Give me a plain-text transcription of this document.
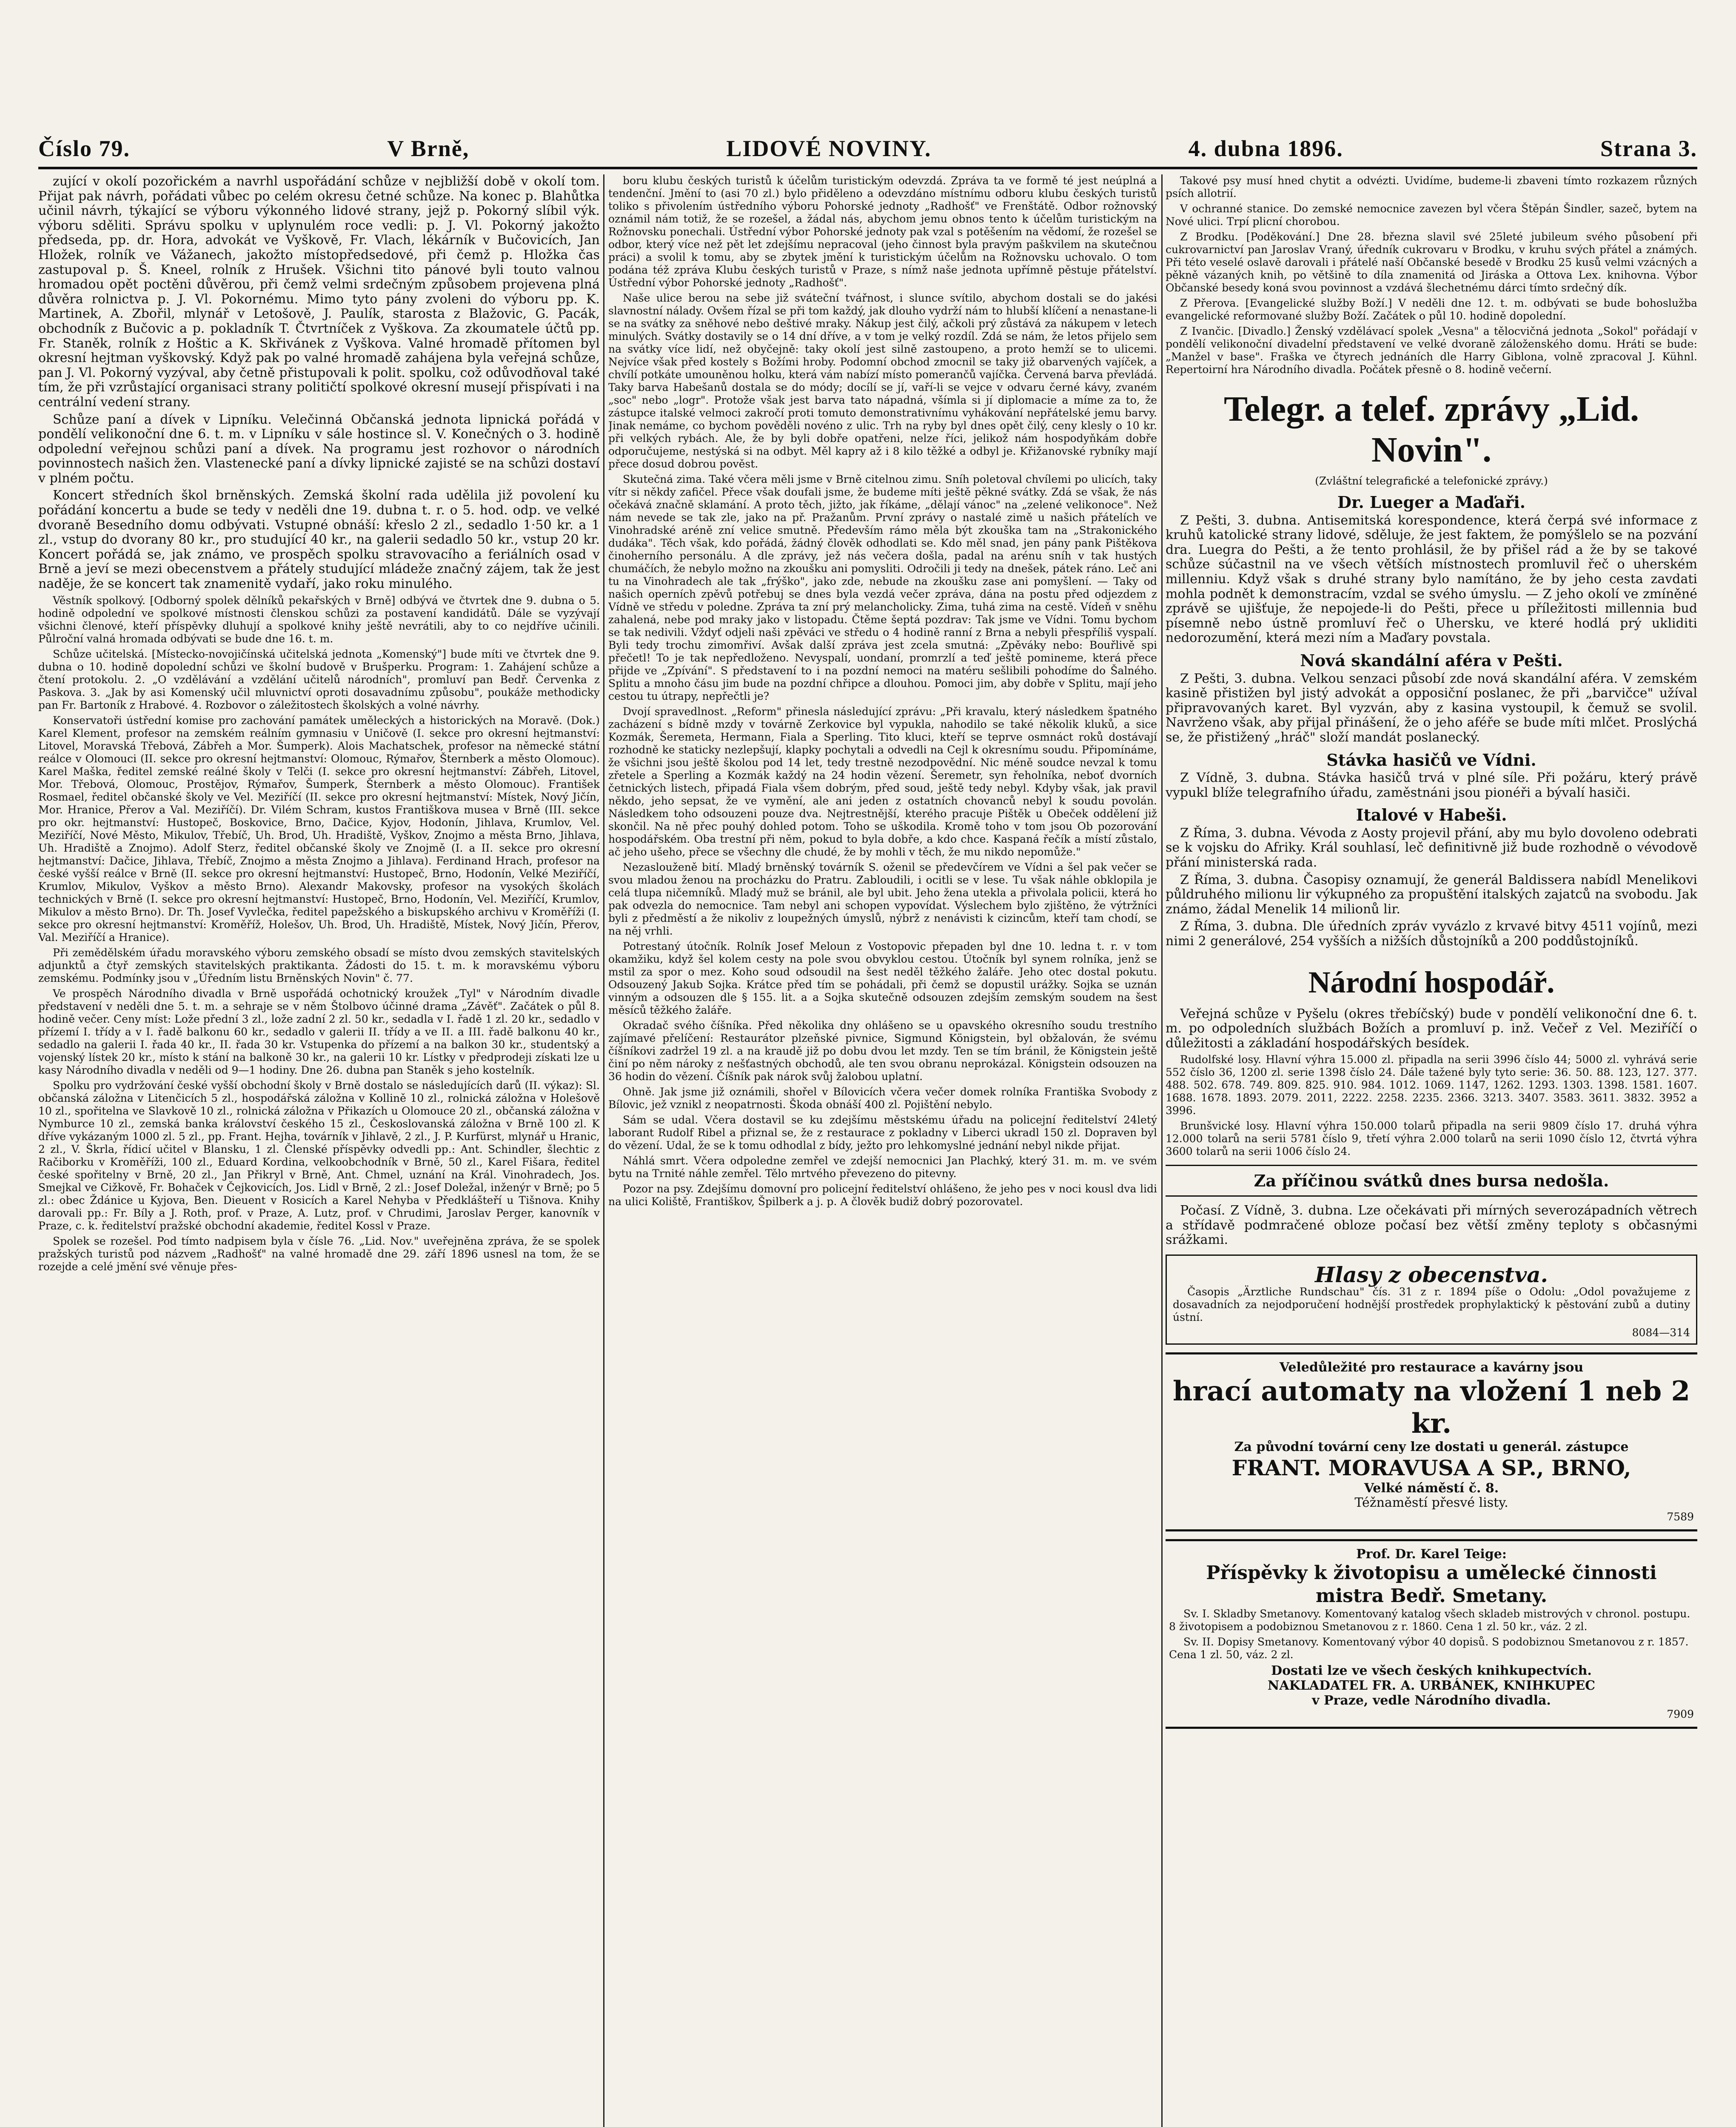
Číslo 79.	V Brně,	LIDOVÉ NOVINY.	4. dubna 1896.	Strana 3.

zující v okolí pozořickém a navrhl uspořádání schůze v nejbližší době v okolí tom. Přijat pak návrh, pořádati vůbec po celém okresu četné schůze. Na konec p. Blahůtka učinil návrh, týkající se výboru výkonného lidové strany, jejž p. Pokorný slíbil výk. výboru sděliti. Správu spolku v uplynulém roce vedli: p. J. Vl. Pokorný jakožto předseda, pp. dr. Hora, advokát ve Vyškově, Fr. Vlach, lékárník v Bučovicích, Jan Hložek, rolník ve Vážanech, jakožto místopředsedové, při čemž p. Hložka čas zastupoval p. Š. Kneel, rolník z Hrušek. Všichni tito pánové byli touto valnou hromadou opět poctěni důvěrou, při čemž velmi srdečným způsobem projevena plná důvěra rolnictva p. J. Vl. Pokornému. Mimo tyto pány zvoleni do výboru pp. K. Martinek, A. Zbořil, mlynář v Letošově, J. Paulík, starosta z Blažovic, G. Pacák, obchodník z Bučovic a p. pokladník T. Čtvrtníček z Vyškova. Za zkoumatele účtů pp. Fr. Staněk, rolník z Hoštic a K. Skřivánek z Vyškova. Valné hromadě přítomen byl okresní hejtman vyškovský. Když pak po valné hromadě zahájena byla veřejná schůze, pan J. Vl. Pokorný vyzýval, aby četně přistupovali k polit. spolku, což odůvodňoval také tím, že při vzrůstající organisaci strany političtí spolkové okresní musejí přispívati i na centrální vedení strany.

Schůze paní a dívek v Lipníku. Velečinná Občanská jednota lipnická pořádá v pondělí velikonoční dne 6. t. m. v Lipníku v sále hostince sl. V. Konečných o 3. hodině odpolední veřejnou schůzi paní a dívek. Na programu jest rozhovor o národních povinnostech našich žen. Vlastenecké paní a dívky lipnické zajisté se na schůzi dostaví v plném počtu.

Koncert středních škol brněnských. Zemská školní rada udělila již povolení ku pořádání koncertu a bude se tedy v neděli dne 19. dubna t. r. o 5. hod. odp. ve velké dvoraně Besedního domu odbývati. Vstupné obnáší: křeslo 2 zl., sedadlo 1·50 kr. a 1 zl., vstup do dvorany 80 kr., pro studující 40 kr., na galerii sedadlo 50 kr., vstup 20 kr. Koncert pořádá se, jak známo, ve prospěch spolku stravovacího a feriálních osad v Brně a jeví se mezi obecenstvem a přátely studující mládeže značný zájem, tak že jest naděje, že se koncert tak znamenitě vydaří, jako roku minulého.

Věstník spolkový. [Odborný spolek dělníků pekařských v Brně] odbývá ve čtvrtek dne 9. dubna o 5. hodině odpolední ve spolkové místnosti členskou schůzi za postavení kandidátů. Dále se vyzývají všichni členové, kteří příspěvky dluhují a spolkové knihy ještě nevrátili, aby to co nejdříve učinili. Půlroční valná hromada odbývati se bude dne 16. t. m.

Schůze učitelská. [Místecko-novojičínská učitelská jednota „Komenský"] bude míti ve čtvrtek dne 9. dubna o 10. hodině dopolední schůzi ve školní budově v Brušperku. Program: 1. Zahájení schůze a čtení protokolu. 2. „O vzdělávání a vzdělání učitelů národních", promluví pan Bedř. Červenka z Paskova. 3. „Jak by asi Komenský učil mluvnictví oproti dosavadnímu způsobu", poukáže methodicky pan Fr. Bartoník z Hrabové. 4. Rozbovor o záležitostech školských a volné návrhy.

Konservatoři ústřední komise pro zachování památek uměleckých a historických na Moravě. (Dok.) Karel Klement, profesor na zemském reálním gymnasiu v Uničově (I. sekce pro okresní hejtmanství: Litovel, Moravská Třebová, Zábřeh a Mor. Šumperk). Alois Machatschek, profesor na německé státní reálce v Olomouci (II. sekce pro okresní hejtmanství: Olomouc, Rýmařov, Šternberk a město Olomouc). Karel Maška, ředitel zemské reálné školy v Telči (I. sekce pro okresní hejtmanství: Zábřeh, Litovel, Mor. Třebová, Olomouc, Prostějov, Rýmařov, Šumperk, Šternberk a město Olomouc). František Rosmael, ředitel občanské školy ve Vel. Meziříčí (II. sekce pro okresní hejtmanství: Místek, Nový Jičín, Mor. Hranice, Přerov a Val. Meziříčí). Dr. Vilém Schram, kustos Františkova musea v Brně (III. sekce pro okr. hejtmanství: Hustopeč, Boskovice, Brno, Dačice, Kyjov, Hodonín, Jihlava, Krumlov, Vel. Meziříčí, Nové Město, Mikulov, Třebíč, Uh. Brod, Uh. Hradiště, Vyškov, Znojmo a města Brno, Jihlava, Uh. Hradiště a Znojmo). Adolf Sterz, ředitel občanské školy ve Znojmě (I. a II. sekce pro okresní hejtmanství: Dačice, Jihlava, Třebíč, Znojmo a města Znojmo a Jihlava). Ferdinand Hrach, profesor na české vyšší reálce v Brně (II. sekce pro okresní hejtmanství: Hustopeč, Brno, Hodonín, Velké Meziříčí, Krumlov, Mikulov, Vyškov a město Brno). Alexandr Makovsky, profesor na vysokých školách technických v Brně (I. sekce pro okresní hejtmanství: Hustopeč, Brno, Hodonín, Vel. Meziříčí, Krumlov, Mikulov a město Brno). Dr. Th. Josef Vyvlečka, ředitel papežského a biskupského archivu v Kroměříži (I. sekce pro okresní hejtmanství: Kroměříž, Holešov, Uh. Brod, Uh. Hradiště, Místek, Nový Jičín, Přerov, Val. Meziříčí a Hranice).

Při zemědělském úřadu moravského výboru zemského obsadí se místo dvou zemských stavitelských adjunktů a čtyř zemských stavitelských praktikanta. Žádosti do 15. t. m. k moravskému výboru zemskému. Podmínky jsou v „Úředním listu Brněnských Novin" č. 77.

Ve prospěch Národního divadla v Brně uspořádá ochotnický kroužek „Tyl" v Národním divadle představení v neděli dne 5. t. m. a sehraje se v něm Štolbovo účinné drama „Závěť". Začátek o půl 8. hodině večer. Ceny míst: Lože přední 3 zl., lože zadní 2 zl. 50 kr., sedadla v I. řadě 1 zl. 20 kr., sedadlo v přízemí I. třídy a v I. řadě balkonu 60 kr., sedadlo v galerii II. třídy a ve II. a III. řadě balkonu 40 kr., sedadlo na galerii I. řada 40 kr., II. řada 30 kr. Vstupenka do přízemí a na balkon 30 kr., studentský a vojenský lístek 20 kr., místo k stání na balkoně 30 kr., na galerii 10 kr. Lístky v předprodeji získati lze u kasy Národního divadla v neděli od 9—1 hodiny. Dne 26. dubna pan Staněk s jeho kostelník.

Spolku pro vydržování české vyšší obchodní školy v Brně dostalo se následujících darů (II. výkaz): Sl. občanská záložna v Litenčicích 5 zl., hospodářská záložna v Kollině 10 zl., rolnická záložna v Holešově 10 zl., spořitelna ve Slavkově 10 zl., rolnická záložna v Přikazích u Olomouce 20 zl., občanská záložna v Nymburce 10 zl., zemská banka království českého 15 zl., Českoslovanská záložna v Brně 100 zl. K dříve vykázaným 1000 zl. 5 zl., pp. Frant. Hejha, továrník v Jihlavě, 2 zl., J. P. Kurfürst, mlynář u Hranic, 2 zl., V. Škrla, řídicí učitel v Blansku, 1 zl. Členské příspěvky odvedli pp.: Ant. Schindler, šlechtic z Račiborku v Kroměříži, 100 zl., Eduard Kordina, velkoobchodník v Brně, 50 zl., Karel Fišara, ředitel české spořitelny v Brně, 20 zl., Jan Přikryl v Brně, Ant. Chmel, uznání na Král. Vinohradech, Jos. Smejkal ve Cižkově, Fr. Bohaček v Čejkovicích, Jos. Lidl v Brně, 2 zl.: Josef Doležal, inženýr v Brně; po 5 zl.: obec Ždánice u Kyjova, Ben. Dieuent v Rosicích a Karel Nehyba v Předklášteří u Tišnova. Knihy darovali pp.: Fr. Bíly a J. Roth, prof. v Praze, A. Lutz, prof. v Chrudimi, Jaroslav Perger, kanovník v Praze, c. k. ředitelství pražské obchodní akademie, ředitel Kossl v Praze.

Spolek se rozešel. Pod tímto nadpisem byla v čísle 76. „Lid. Nov." uveřejněna zpráva, že se spolek pražských turistů pod názvem „Radhošť" na valné hromadě dne 29. září 1896 usnesl na tom, že se rozejde a celé jmění své věnuje přes-

boru klubu českých turistů k účelům turistickým odevzdá. Zpráva ta ve formě té jest neúplná a tendenční. Jmění to (asi 70 zl.) bylo přiděleno a odevzdáno místnímu odboru klubu českých turistů toliko s přivolením ústředního výboru Pohorské jednoty „Radhošť" ve Frenštátě. Odbor rožnovský oznámil nám totiž, že se rozešel, a žádal nás, abychom jemu obnos tento k účelům turistickým na Rožnovsku ponechali. Ústřední výbor Pohorské jednoty pak vzal s potěšením na vědomí, že rozešel se odbor, který více než pět let zdejšímu nepracoval (jeho činnost byla pravým paškvilem na skutečnou práci) a svolil k tomu, aby se zbytek jmění k turistickým účelům na Rožnovsku uchovalo. O tom podána též zpráva Klubu českých turistů v Praze, s nímž naše jednota upřímně pěstuje přátelství. Ústřední výbor Pohorské jednoty „Radhošť".

Naše ulice berou na sebe již sváteční tvářnost, i slunce svítilo, abychom dostali se do jakési slavnostní nálady. Ovšem řízal se při tom každý, jak dlouho vydrží nám to hlubší klíčení a nenastane-li se na svátky za sněhové nebo deštivé mraky. Nákup jest čilý, ačkoli prý zůstává za nákupem v letech minulých. Svátky dostavily se o 14 dní dříve, a v tom je velký rozdíl. Zdá se nám, že letos přijelo sem na svátky více lidí, než obyčejně: taky okolí jest silně zastoupeno, a proto hemží se to ulicemi. Nejvíce však před kostely s Božími hroby. Podomní obchod zmocnil se taky již obarvených vajíček, a chvílí potkáte umouněnou holku, která vám nabízí místo pomerančů vajíčka. Červená barva převládá. Taky barva Habešanů dostala se do módy; docílí se jí, vaří-li se vejce v odvaru černé kávy, zvaném „soc" nebo „logr". Protože však jest barva tato nápadná, všímla si jí diplomacie a míme za to, že zástupce italské velmoci zakročí proti tomuto demonstrativnímu vyhákování nepřátelské jemu barvy. Jinak nemáme, co bychom pověděli novéno z ulic. Trh na ryby byl dnes opět čilý, ceny klesly o 10 kr. při velkých rybách. Ale, že by byli dobře opatřeni, nelze říci, jelikož nám hospodyňkám dobře odporučujeme, nestýská si na odbyt. Měl kapry až i 8 kilo těžké a odbyl je. Křižanovské rybníky mají přece dosud dobrou pověst.

Skutečná zima. Také včera měli jsme v Brně citelnou zimu. Sníh poletoval chvílemi po ulicích, taky vítr si někdy zafičel. Přece však doufali jsme, že budeme míti ještě pěkné svátky. Zdá se však, že nás očekává značně sklamání. A proto těch, jižto, jak říkáme, „dělají vánoc" na „zelené velikonoce". Než nám nevede se tak zle, jako na př. Pražanům. První zprávy o nastalé zimě u našich přátelích ve Vinohradské aréně zní velice smutně. Především rámo měla být zkouška tam na „Strakonického dudáka". Těch však, kdo pořádá, žádný člověk odhodlati se. Kdo měl snad, jen pány pank Pištěkova činoherního personálu. A dle zprávy, jež nás večera došla, padal na arénu sníh v tak hustých chumáčích, že nebylo možno na zkoušku ani pomysliti. Odročili ji tedy na dnešek, pátek ráno. Leč ani tu na Vinohradech ale tak „frýško", jako zde, nebude na zkoušku zase ani pomyšlení. — Taky od našich operních zpěvů potřebuj se dnes byla vezdá večer zpráva, dána na postu před odjezdem z Vídně ve středu v poledne. Zpráva ta zní prý melancholicky. Zima, tuhá zima na cestě. Vídeň v sněhu zahalená, nebe pod mraky jako v listopadu. Čtěme šeptá pozdrav: Tak jsme ve Vídni. Tomu bychom se tak nedivili. Vždyť odjeli naši zpěváci ve středu o 4 hodině ranní z Brna a nebyli přespříliš vyspalí. Byli tedy trochu zimomřiví. Avšak další zpráva jest zcela smutná: „Zpěváky nebo: Bouřlivě spi přečetl! To je tak nepředloženo. Nevyspalí, uondaní, promrzlí a teď ještě pomineme, která přece přijde ve „Zpívání". S představení to i na pozdní nemoci na matéru sešlibili pohodíme do Šalného. Splitu a mnoho čásu jim bude na pozdní chřipce a dlouhou. Pomoci jim, aby dobře v Splitu, mají jeho cestou tu útrapy, nepřečtli je?

Dvojí spravedlnost. „Reform" přinesla následující zprávu: „Při kravalu, který následkem špatného zacházení s bídně mzdy v továrně Zerkovice byl vypukla, nahodilo se také několik kluků, a sice Kozmák, Šeremeta, Hermann, Fiala a Sperling. Tito kluci, kteří se teprve osmnáct roků dostávají rozhodně ke staticky nezlepšují, klapky pochytali a odvedli na Cejl k okresnímu soudu. Připomínáme, že všichni jsou ještě školou pod 14 let, tedy trestně nezodpovědní. Nic méně soudce nevzal k tomu zřetele a Sperling a Kozmák každý na 24 hodin vězení. Šeremetr, syn řeholníka, neboť dvorních četnických listech, připadá Fiala všem dobrým, před soud, ještě tedy nebyl. Kdyby však, jak pravil někdo, jeho sepsat, že ve vymění, ale ani jeden z ostatních chovanců nebyl k soudu povolán. Následkem toho odsouzeni pouze dva. Nejtrestnější, kterého pracuje Pištěk u Obeček oddělení již skončil. Na ně přec pouhý dohled potom. Toho se uškodila. Kromě toho v tom jsou Ob pozorování hospodářském. Oba trestní při něm, pokud to byla dobře, a kdo chce. Kaspaná řečík a místí zůstalo, ač jeho ušeho, přece se všechny dle chudé, že by mohli v těch, že mu nikdo nepomůže."

Nezaslouženě bití. Mladý brněnský továrník S. oženil se předevčírem ve Vídni a šel pak večer se svou mladou ženou na procházku do Pratru. Zabloudili, i ocitli se v lese. Tu však náhle obklopila je celá tlupa ničemníků. Mladý muž se bránil, ale byl ubit. Jeho žena utekla a přivolala policii, která ho pak odvezla do nemocnice. Tam nebyl ani schopen vypovídat. Výslechem bylo zjištěno, že výtržníci byli z předměstí a že nikoliv z loupežných úmyslů, nýbrž z nenávisti k cizincům, kteří tam chodí, se na něj vrhli.

Potrestaný útočník. Rolník Josef Meloun z Vostopovic přepaden byl dne 10. ledna t. r. v tom okamžiku, když šel kolem cesty na pole svou obvyklou cestou. Útočník byl synem rolníka, jenž se mstil za spor o mez. Koho soud odsoudil na šest neděl těžkého žaláře. Jeho otec dostal pokutu. Odsouzený Jakub Sojka. Krátce před tím se pohádali, při čemž se dopustil urážky. Sojka se uznán vinným a odsouzen dle § 155. lit. a a Sojka skutečně odsouzen zdejším zemským soudem na šest měsíců těžkého žaláře.

Okradač svého číšníka. Před několika dny ohlášeno se u opavského okresního soudu trestního zajímavé přelíčení: Restaurátor plzeňské pivnice, Sigmund Königstein, byl obžalován, že svému číšníkovi zadržel 19 zl. a na kraudě již po dobu dvou let mzdy. Ten se tím bránil, že Königstein ještě činí po něm nároky z nešťastných obchodů, ale ten svou obranu neprokázal. Königstein odsouzen na 36 hodin do vězení. Číšník pak nárok svůj žalobou uplatní.

Ohně. Jak jsme již oznámili, shořel v Bílovicích včera večer domek rolníka Františka Svobody z Bílovic, jež vznikl z neopatrnosti. Škoda obnáší 400 zl. Pojištění nebylo.

Sám se udal. Včera dostavil se ku zdejšímu městskému úřadu na policejní ředitelství 24letý laborant Rudolf Ribel a přiznal se, že z restaurace z pokladny v Liberci ukradl 150 zl. Dopraven byl do vězení. Udal, že se k tomu odhodlal z bídy, ježto pro lehkomyslné jednání nebyl nikde přijat.

Náhlá smrt. Včera odpoledne zemřel ve zdejší nemocnici Jan Plachký, který 31. m. m. ve svém bytu na Trnité náhle zemřel. Tělo mrtvého převezeno do pitevny.

Pozor na psy. Zdejšímu domovní pro policejní ředitelství ohlášeno, že jeho pes v noci kousl dva lidi na ulici Koliště, Františkov, Špilberk a j. p. A člověk budiž dobrý pozorovatel.

Takové psy musí hned chytit a odvézti. Uvidíme, budeme-li zbaveni tímto rozkazem různých psích allotrií.

V ochranné stanice. Do zemské nemocnice zavezen byl včera Štěpán Šindler, sazeč, bytem na Nové ulici. Trpí plicní chorobou.

Z Brodku. [Poděkování.] Dne 28. března slavil své 25leté jubileum svého působení při cukrovarnictví pan Jaroslav Vraný, úředník cukrovaru v Brodku, v kruhu svých přátel a známých. Při této veselé oslavě darovali i přátelé naší Občanské besedě v Brodku 25 kusů velmi vzácných a pěkně vázaných knih, po většině to díla znamenitá od Jiráska a Ottova Lex. knihovna. Výbor Občanské besedy koná svou povinnost a vzdává šlechetnému dárci tímto srdečný dík.

Z Přerova. [Evangelické služby Boží.] V neděli dne 12. t. m. odbývati se bude bohoslužba evangelické reformované služby Boží. Začátek o půl 10. hodině dopolední.

Z Ivančic. [Divadlo.] Ženský vzdělávací spolek „Vesna" a tělocvičná jednota „Sokol" pořádají v pondělí velikonoční divadelní představení ve velké dvoraně záloženského domu. Hráti se bude: „Manžel v base". Fraška ve čtyrech jednáních dle Harry Giblona, volně zpracoval J. Kühnl. Repertoirní hra Národního divadla. Počátek přesně o 8. hodině večerní.

Telegr. a telef. zprávy „Lid. Novin".

(Zvláštní telegrafické a telefonické zprávy.)

Dr. Lueger a Maďaři.

Z Pešti, 3. dubna. Antisemitská korespondence, která čerpá své informace z kruhů katolické strany lidové, sděluje, že jest faktem, že pomýšlelo se na pozvání dra. Luegra do Pešti, a že tento prohlásil, že by přišel rád a že by se takové schůze súčastnil na ve všech větších místnostech promluvil řeč o uherském millenniu. Když však s druhé strany bylo namítáno, že by jeho cesta zavdati mohla podnět k demonstracím, vzdal se svého úmyslu. — Z jeho okolí ve zmíněné zprávě se ujišťuje, že nepojede-li do Pešti, přece u příležitosti millennia bud písemně nebo ústně promluví řeč o Uhersku, ve které hodlá prý ukliditi nedorozumění, která mezi ním a Maďary povstala.

Nová skandální aféra v Pešti.

Z Pešti, 3. dubna. Velkou senzaci působí zde nová skandální aféra. V zemském kasině přistižen byl jistý advokát a opposiční poslanec, že při „barvičce" užíval připravovaných karet. Byl vyzván, aby z kasina vystoupil, k čemuž se svolil. Navrženo však, aby přijal přinášení, že o jeho aféře se bude míti mlčet. Proslýchá se, že přistižený „hráč" složí mandát poslanecký.

Stávka hasičů ve Vídni.

Z Vídně, 3. dubna. Stávka hasičů trvá v plné síle. Při požáru, který právě vypukl blíže telegrafního úřadu, zaměstnáni jsou pionéři a bývalí hasiči.

Italové v Habeši.

Z Říma, 3. dubna. Vévoda z Aosty projevil přání, aby mu bylo dovoleno odebrati se k vojsku do Afriky. Král souhlasí, leč definitivně již bude rozhodně o vévodově přání ministerská rada.

Z Říma, 3. dubna. Časopisy oznamují, že generál Baldissera nabídl Menelikovi půldruhého milionu lir výkupného za propuštění italských zajatců na svobodu. Jak známo, žádal Menelik 14 milionů lir.

Z Říma, 3. dubna. Dle úředních zpráv vyvázlo z krvavé bitvy 4511 vojínů, mezi nimi 2 generálové, 254 vyšších a nižších důstojníků a 200 poddůstojníků.

Národní hospodář.

Veřejná schůze v Pyšelu (okres třebíčský) bude v pondělí velikonoční dne 6. t. m. po odpoledních službách Božích a promluví p. inž. Večeř z Vel. Meziříčí o důležitosti a základání hospodářských besídek.

Rudolfské losy. Hlavní výhra 15.000 zl. připadla na serii 3996 číslo 44; 5000 zl. vyhrává serie 552 číslo 36, 1200 zl. serie 1398 číslo 24. Dále tažené byly tyto serie: 36. 50. 88. 123, 127. 377. 488. 502. 678. 749. 809. 825. 910. 984. 1012. 1069. 1147, 1262. 1293. 1303. 1398. 1581. 1607. 1688. 1678. 1893. 2079. 2011, 2222. 2258. 2235. 2366. 3213. 3407. 3583. 3611. 3832. 3952 a 3996.

Brunšvické losy. Hlavní výhra 150.000 tolarů připadla na serii 9809 číslo 17. druhá výhra 12.000 tolarů na serii 5781 číslo 9, třetí výhra 2.000 tolarů na serii 1090 číslo 12, čtvrtá výhra 3600 tolarů na serii 1006 číslo 24.

Za příčinou svátků dnes bursa nedošla.

Počasí. Z Vídně, 3. dubna. Lze očekávati při mírných severozápadních větrech a střídavě podmračené obloze počasí bez větší změny teploty s občasnými srážkami.

Hlasy z obecenstva.

Časopis „Ärztliche Rundschau" čís. 31 z r. 1894 píše o Odolu: „Odol považujeme z dosavadních za nejodporučení hodnější prostředek prophylaktický k pěstování zubů a dutiny ústní.

8084—314
Veledůležité pro restaurace a kavárny jsou
hrací automaty na vložení 1 neb 2 kr.
Za původní tovární ceny lze dostati u generál. zástupce
FRANT. MORAVUSA A SP., BRNO,
Velké náměstí č. 8.
Téžnaměstí přesvé listy.
7589
Prof. Dr. Karel Teige:
Příspěvky k životopisu a umělecké činnosti mistra Bedř. Smetany.

Sv. I. Skladby Smetanovy. Komentovaný katalog všech skladeb mistrových v chronol. postupu. 8 životopisem a podobiznou Smetanovou z r. 1860. Cena 1 zl. 50 kr., váz. 2 zl.

Sv. II. Dopisy Smetanovy. Komentovaný výbor 40 dopisů. S podobiznou Smetanovou z r. 1857. Cena 1 zl. 50, váz. 2 zl.

Dostati lze ve všech českých knihkupectvích.
NAKLADATEL FR. A. URBÁNEK, KNIHKUPEC
v Praze, vedle Národního divadla.
7909
